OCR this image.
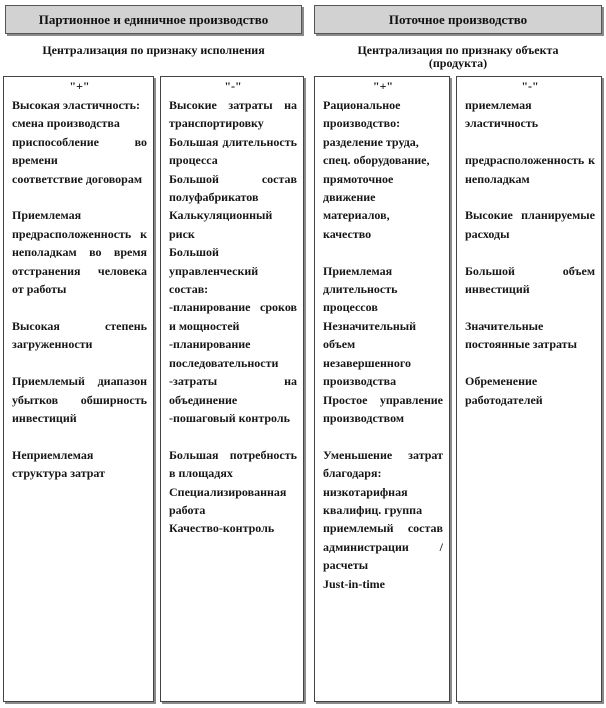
Партионное и единичное производство	Поточное производство
Централизация по признаку исполнения	Централизация по признаку объекта
(продукта)
"+"
Высокая эластичность:
смена производства
приспособление во времени
соответствие договорам

Приемлемая предрасположенность к неполадкам во время отстранения человека от работы

Высокая степень загруженности

Приемлемый диапазон убытков обширность инвестиций

Неприемлемая структура затрат
"-"
Высокие затраты на транспортировку
Большая длительность процесса
Большой состав полуфабрикатов
Калькуляционный риск
Большой управленческий состав:
-планирование сроков и мощностей
-планирование последовательности
-затраты на объединение
-пошаговый контроль

Большая потребность в площадях
Специализированная работа
Качество-контроль
"+"
Рациональное производство:
разделение труда,
спец. оборудование,
прямоточное движение материалов,
качество

Приемлемая длительность процессов
Незначительный объем незавершенного производства
Простое управление производством

Уменьшение затрат благодаря:
низкотарифная квалифиц. группа
приемлемый состав администрации / расчеты
Just-in-time
"-"
приемлемая эластичность

предрасположенность к неполадкам

Высокие планируемые расходы

Большой объем инвестиций

Значительные постоянные затраты

Обременение работодателей
